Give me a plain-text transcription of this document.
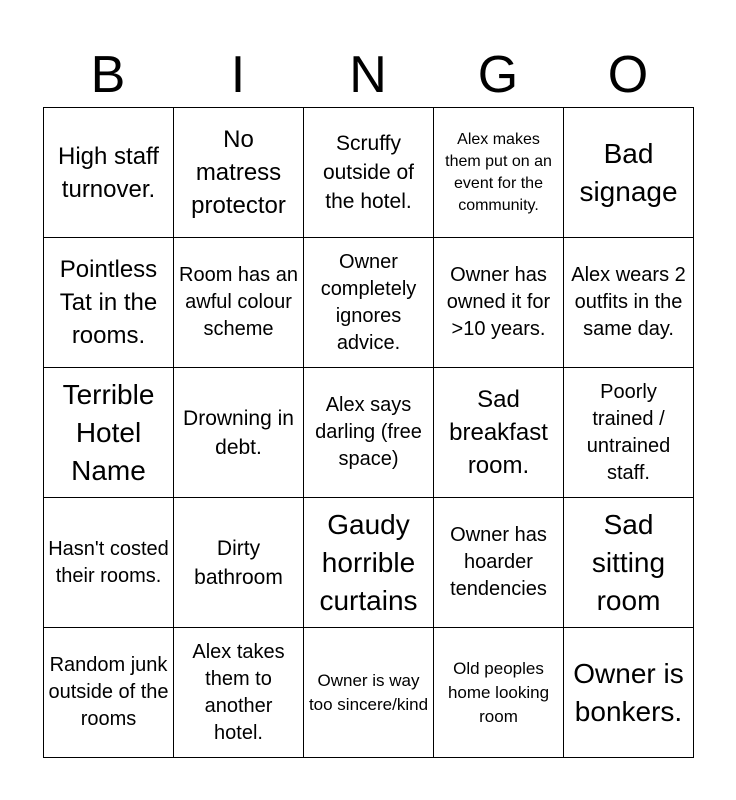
B	I	N	G	O
High staff turnover.	No matress protector	Scruffy outside of the hotel.	Alex makes them put on an event for the community.	Bad signage

Pointless Tat in the rooms.	Room has an awful colour scheme	Owner completely ignores advice.	Owner has owned it for >10 years.	Alex wears 2 outfits in the same day.

Terrible Hotel Name	Drowning in debt.	Alex says darling (free space)	Sad breakfast room.	Poorly trained / untrained staff.

Hasn't costed their rooms.	Dirty bathroom	Gaudy horrible curtains	Owner has hoarder tendencies	Sad sitting room

Random junk outside of the rooms	Alex takes them to another hotel.	Owner is way too sincere/kind	Old peoples home looking room	Owner is bonkers.
